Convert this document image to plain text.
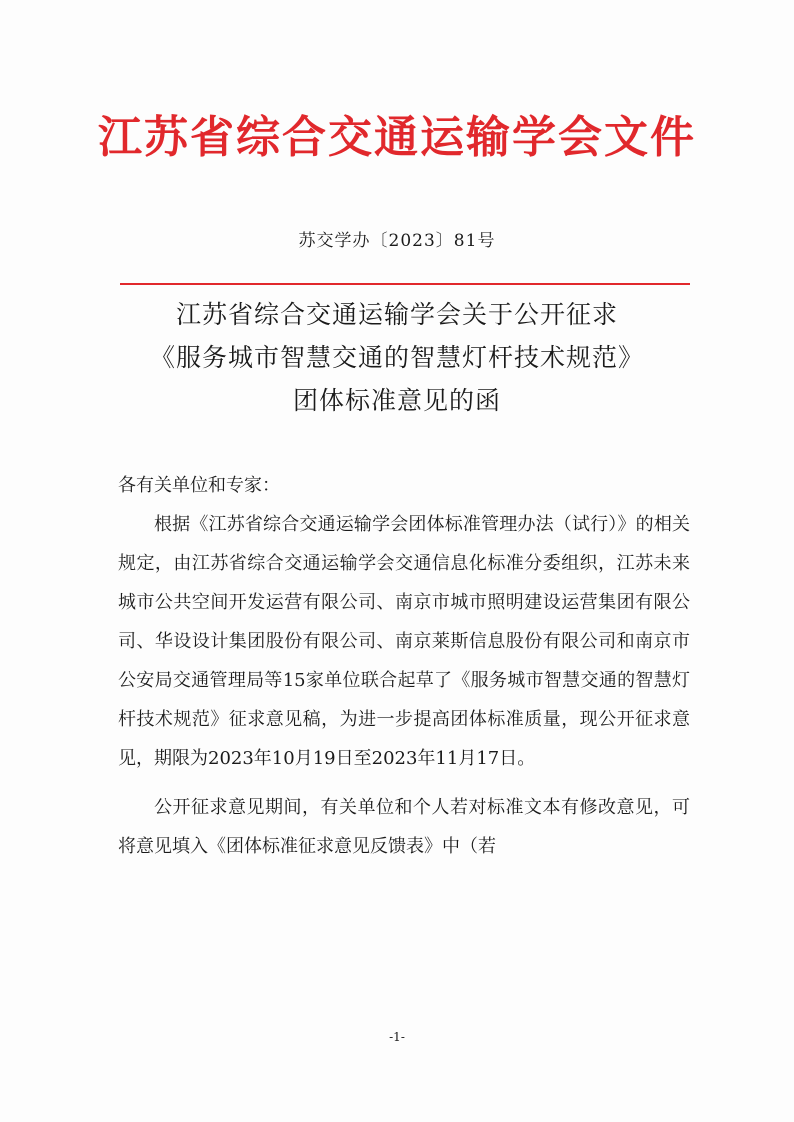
江苏省综合交通运输学会文件
苏交学办〔2023〕81号
江苏省综合交通运输学会关于公开征求
《服务城市智慧交通的智慧灯杆技术规范》
团体标准意见的函

各有关单位和专家：

根据《江苏省综合交通运输学会团体标准管理办法（试行）》的相关规定，由江苏省综合交通运输学会交通信息化标准分委组织，江苏未来城市公共空间开发运营有限公司、南京市城市照明建设运营集团有限公司、华设设计集团股份有限公司、南京莱斯信息股份有限公司和南京市公安局交通管理局等15家单位联合起草了《服务城市智慧交通的智慧灯杆技术规范》征求意见稿，为进一步提高团体标准质量，现公开征求意见，期限为2023年10月19日至2023年11月17日。

公开征求意见期间，有关单位和个人若对标准文本有修改意见，可将意见填入《团体标准征求意见反馈表》中（若

-1-
